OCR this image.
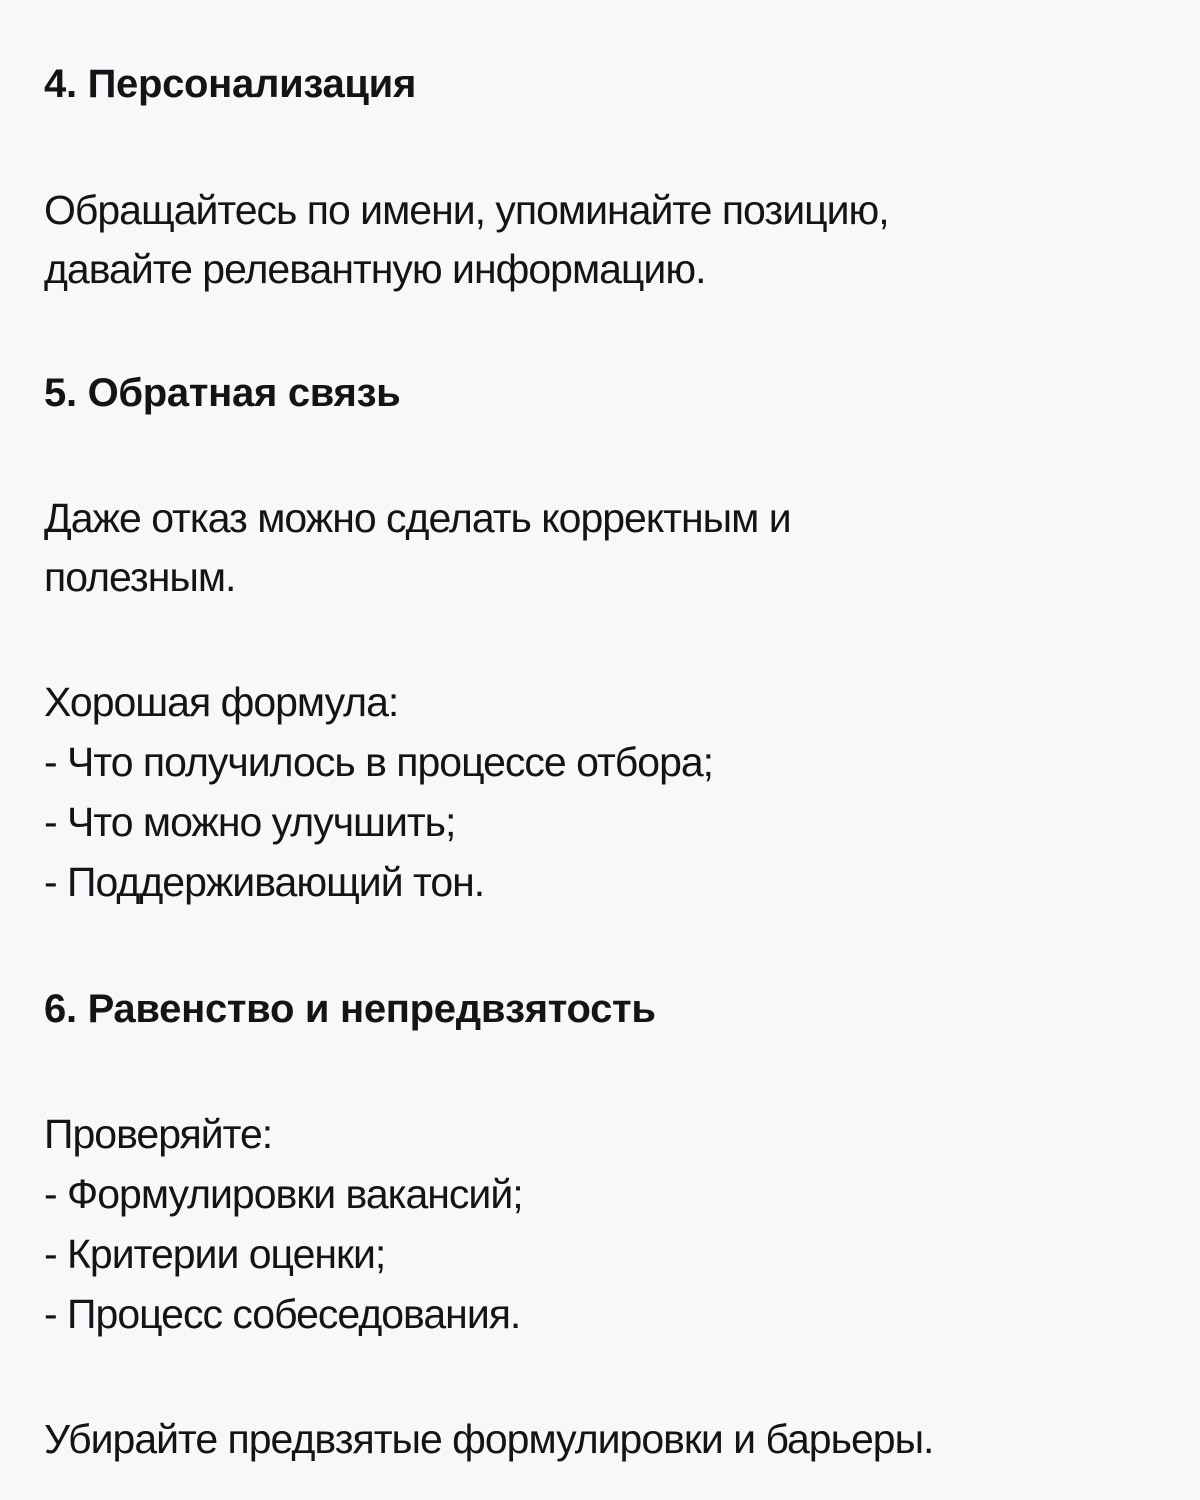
4. Персонализация
Обращайтесь по имени, упоминайте позицию,
давайте релевантную информацию.
5. Обратная связь
Даже отказ можно сделать корректным и
полезным.
Хорошая формула:
- Что получилось в процессе отбора;
- Что можно улучшить;
- Поддерживающий тон.
6. Равенство и непредвзятость
Проверяйте:
- Формулировки вакансий;
- Критерии оценки;
- Процесс собеседования.
Убирайте предвзятые формулировки и барьеры.
